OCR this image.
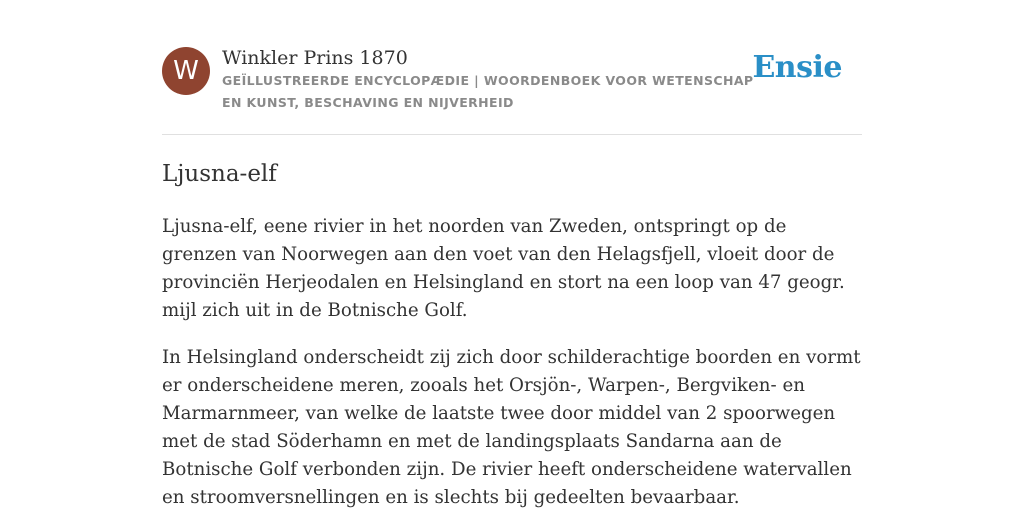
W	Winkler Prins 1870
GEÏLLUSTREERDE ENCYCLOPÆDIE | WOORDENBOEK VOOR WETENSCHAP EN KUNST, BESCHAVING EN NIJVERHEID
Ensie
Ljusna-elf

Ljusna-elf, eene rivier in het noorden van Zweden, ontspringt op de grenzen van Noorwegen aan den voet van den Helagsfjell, vloeit door de provinciën Herjeodalen en Helsingland en stort na een loop van 47 geogr. mijl zich uit in de Botnische Golf.

In Helsingland onderscheidt zij zich door schilderachtige boorden en vormt er onderscheidene meren, zooals het Orsjön-, Warpen-, Bergviken- en Marmarnmeer, van welke de laatste twee door middel van 2 spoorwegen met de stad Söderhamn en met de landingsplaats Sandarna aan de Botnische Golf verbonden zijn. De rivier heeft onderscheidene watervallen en stroomversnellingen en is slechts bij gedeelten bevaarbaar.
